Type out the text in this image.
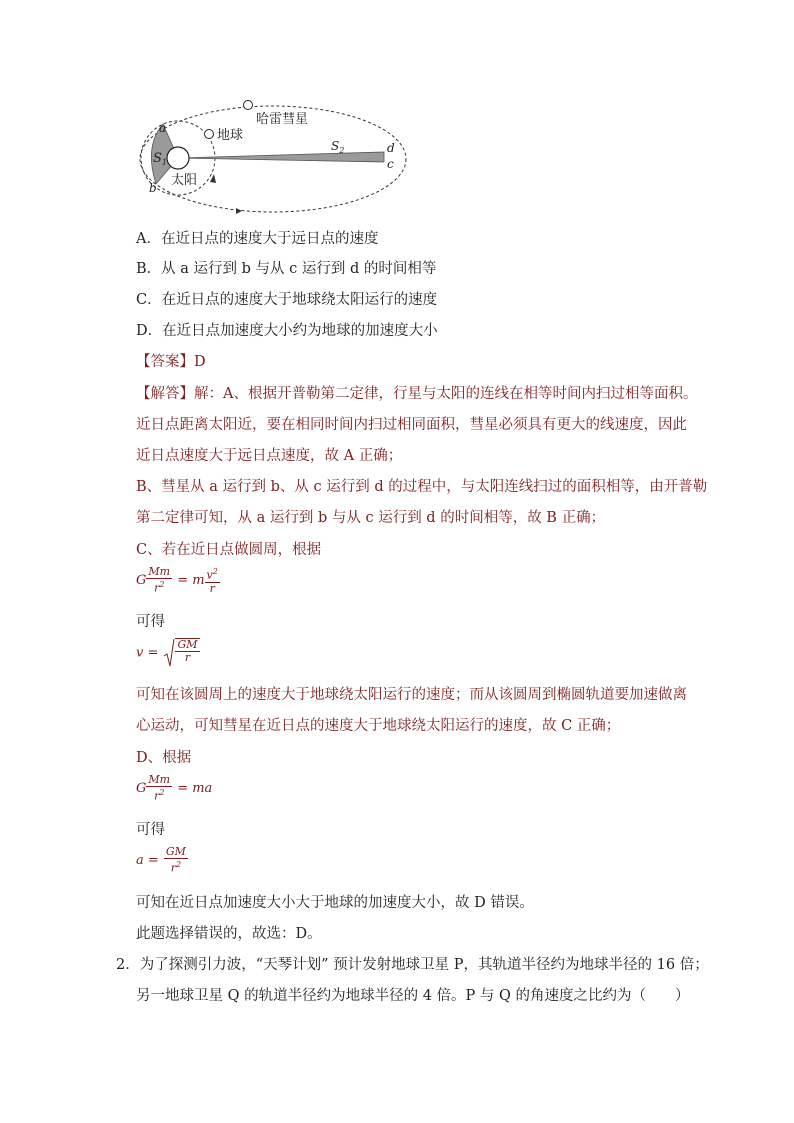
哈雷彗星
地球
太阳
a
b
d
c
$S_1$
$S_2$
A．在近日点的速度大于远日点的速度
B．从 a 运行到 b 与从 c 运行到 d 的时间相等
C．在近日点的速度大于地球绕太阳运行的速度
D．在近日点加速度大小约为地球的加速度大小
【答案】D
【解答】解：A、根据开普勒第二定律，行星与太阳的连线在相等时间内扫过相等面积。
近日点距离太阳近，要在相同时间内扫过相同面积，彗星必须具有更大的线速度，因此
近日点速度大于远日点速度，故 A 正确；
B、彗星从 a 运行到 b、从 c 运行到 d 的过程中，与太阳连线扫过的面积相等，由开普勒
第二定律可知，从 a 运行到 b 与从 c 运行到 d 的时间相等，故 B 正确；
C、若在近日点做圆周，根据
G $\frac{Mm}{r^2} = m \frac{v^2}{r}$
可得
$v = \frac{GM}{r}$
可知在该圆周上的速度大于地球绕太阳运行的速度；而从该圆周到椭圆轨道要加速做离
心运动，可知彗星在近日点的速度大于地球绕太阳运行的速度，故 C 正确；
D、根据
G $\frac{Mm}{r^2}$ = ma
可得
$a = \frac{GM}{r^2}$
可知在近日点加速度大小大于地球的加速度大小，故 D 错误。
此题选择错误的，故选：D。
2．为了探测引力波，“天琴计划” 预计发射地球卫星 P，其轨道半径约为地球半径的 16 倍；
另一地球卫星 Q 的轨道半径约为地球半径的 4 倍。P 与 Q 的角速度之比约为（　　）
